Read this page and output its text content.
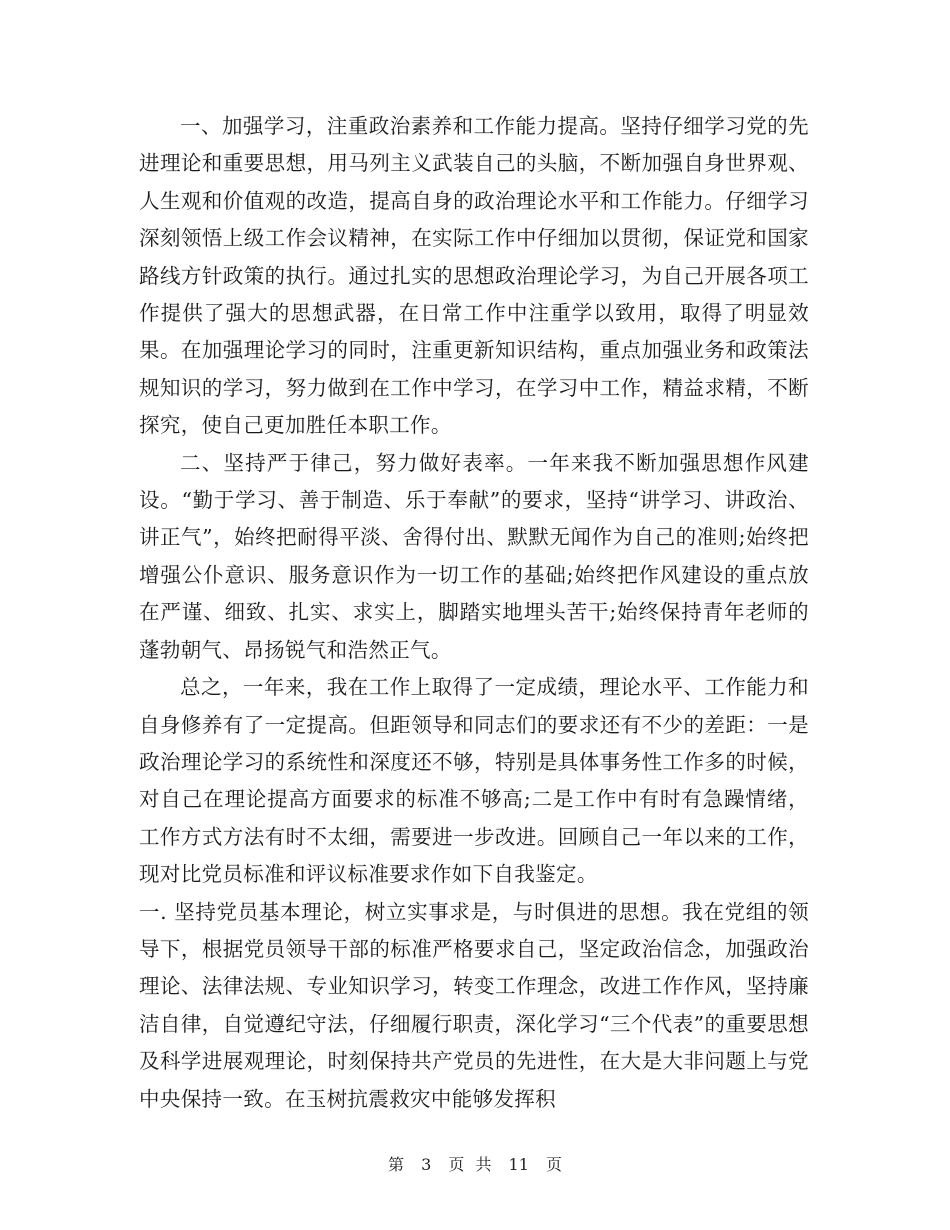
一、加强学习，注重政治素养和工作能力提高。坚持仔细学习党的先进理论和重要思想，用马列主义武装自己的头脑，不断加强自身世界观、人生观和价值观的改造，提高自身的政治理论水平和工作能力。仔细学习深刻领悟上级工作会议精神，在实际工作中仔细加以贯彻，保证党和国家路线方针政策的执行。通过扎实的思想政治理论学习，为自己开展各项工作提供了强大的思想武器，在日常工作中注重学以致用，取得了明显效果。在加强理论学习的同时，注重更新知识结构，重点加强业务和政策法规知识的学习，努力做到在工作中学习，在学习中工作，精益求精，不断探究，使自己更加胜任本职工作。

二、坚持严于律己，努力做好表率。一年来我不断加强思想作风建设。“勤于学习、善于制造、乐于奉献”的要求，坚持“讲学习、讲政治、讲正气”，始终把耐得平淡、舍得付出、默默无闻作为自己的准则;始终把增强公仆意识、服务意识作为一切工作的基础;始终把作风建设的重点放在严谨、细致、扎实、求实上，脚踏实地埋头苦干;始终保持青年老师的蓬勃朝气、昂扬锐气和浩然正气。

总之，一年来，我在工作上取得了一定成绩，理论水平、工作能力和自身修养有了一定提高。但距领导和同志们的要求还有不少的差距：一是政治理论学习的系统性和深度还不够，特别是具体事务性工作多的时候，对自己在理论提高方面要求的标准不够高;二是工作中有时有急躁情绪，工作方式方法有时不太细，需要进一步改进。回顾自己一年以来的工作，现对比党员标准和评议标准要求作如下自我鉴定。

一. 坚持党员基本理论，树立实事求是，与时俱进的思想。我在党组的领导下，根据党员领导干部的标准严格要求自己，坚定政治信念，加强政治理论、法律法规、专业知识学习，转变工作理念，改进工作作风，坚持廉洁自律，自觉遵纪守法，仔细履行职责，深化学习“三个代表”的重要思想及科学进展观理论，时刻保持共产党员的先进性，在大是大非问题上与党中央保持一致。在玉树抗震救灾中能够发挥积

第 3 页 共 11 页
